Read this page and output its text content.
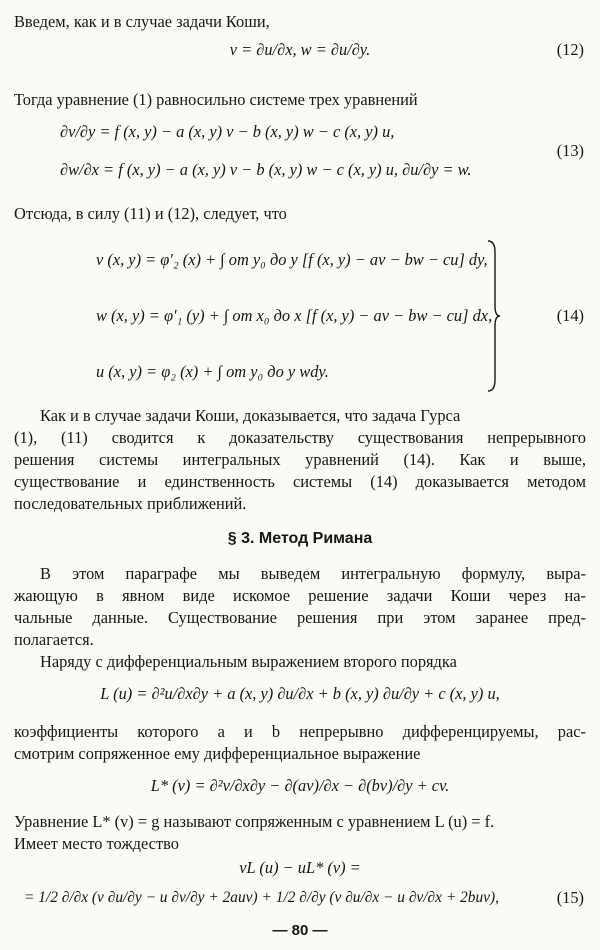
Введем, как и в случае задачи Коши,
v = ∂u/∂x, w = ∂u/∂y.	(12)
Тогда уравнение (1) равносильно системе трех уравнений
∂v/∂y = f (x, y) − a (x, y) v − b (x, y) w − c (x, y) u,
∂w/∂x = f (x, y) − a (x, y) v − b (x, y) w − c (x, y) u, ∂u/∂y = w.
(13)
Отсюда, в силу (11) и (12), следует, что
v (x, y) = φ′₂ (x) + ∫ от y₀ до y [f (x, y) − av − bw − cu] dy,
w (x, y) = φ′₁ (y) + ∫ от x₀ до x [f (x, y) − av − bw − cu] dx,
u (x, y) = φ₂ (x) + ∫ от y₀ до y wdy.
(14)
Как и в случае задачи Коши, доказывается, что задача Гурса
(1), (11) сводится к доказательству существования непрерывного
решения системы интегральных уравнений (14). Как и выше,
существование и единственность системы (14) доказывается методом
последовательных приближений.
§ 3. Метод Римана
В этом параграфе мы выведем интегральную формулу, выра-
жающую в явном виде искомое решение задачи Коши через на-
чальные данные. Существование решения при этом заранее пред-
полагается.
Наряду с дифференциальным выражением второго порядка
L (u) = ∂²u/∂x∂y + a (x, y) ∂u/∂x + b (x, y) ∂u/∂y + c (x, y) u,
коэффициенты которого a и b непрерывно дифференцируемы, рас-
смотрим сопряженное ему дифференциальное выражение
L* (v) = ∂²v/∂x∂y − ∂(av)/∂x − ∂(bv)/∂y + cv.
Уравнение L* (v) = g называют сопряженным с уравнением L (u) = f.
Имеет место тождество
vL (u) − uL* (v) =
= 1/2 ∂/∂x (v ∂u/∂y − u ∂v/∂y + 2auv) + 1/2 ∂/∂y (v ∂u/∂x − u ∂v/∂x + 2buv),	(15)
— 80 —
